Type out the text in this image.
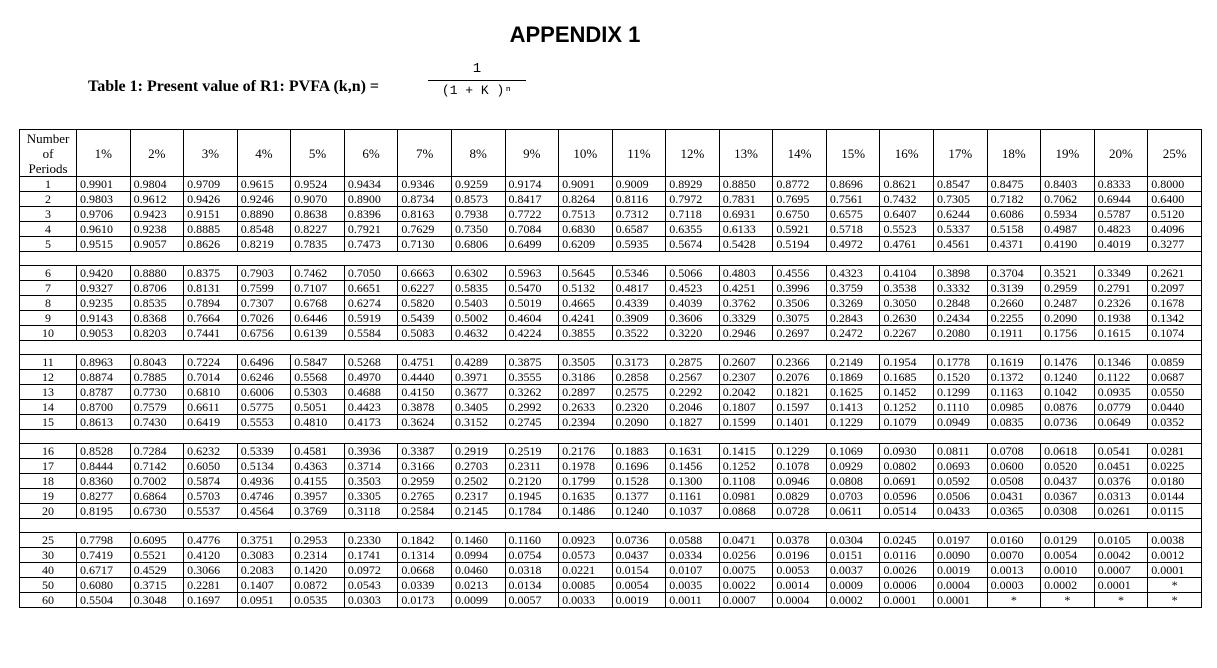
APPENDIX 1
Table 1: Present value of R1: PVFA (k,n) =
1
(1 + K )ⁿ
Number
of
Periods	1%	2%	3%	4%	5%	6%	7%	8%	9%	10%	11%	12%	13%	14%	15%	16%	17%	18%	19%	20%	25%
1	0.9901	0.9804	0.9709	0.9615	0.9524	0.9434	0.9346	0.9259	0.9174	0.9091	0.9009	0.8929	0.8850	0.8772	0.8696	0.8621	0.8547	0.8475	0.8403	0.8333	0.8000
2	0.9803	0.9612	0.9426	0.9246	0.9070	0.8900	0.8734	0.8573	0.8417	0.8264	0.8116	0.7972	0.7831	0.7695	0.7561	0.7432	0.7305	0.7182	0.7062	0.6944	0.6400
3	0.9706	0.9423	0.9151	0.8890	0.8638	0.8396	0.8163	0.7938	0.7722	0.7513	0.7312	0.7118	0.6931	0.6750	0.6575	0.6407	0.6244	0.6086	0.5934	0.5787	0.5120
4	0.9610	0.9238	0.8885	0.8548	0.8227	0.7921	0.7629	0.7350	0.7084	0.6830	0.6587	0.6355	0.6133	0.5921	0.5718	0.5523	0.5337	0.5158	0.4987	0.4823	0.4096
5	0.9515	0.9057	0.8626	0.8219	0.7835	0.7473	0.7130	0.6806	0.6499	0.6209	0.5935	0.5674	0.5428	0.5194	0.4972	0.4761	0.4561	0.4371	0.4190	0.4019	0.3277

6	0.9420	0.8880	0.8375	0.7903	0.7462	0.7050	0.6663	0.6302	0.5963	0.5645	0.5346	0.5066	0.4803	0.4556	0.4323	0.4104	0.3898	0.3704	0.3521	0.3349	0.2621
7	0.9327	0.8706	0.8131	0.7599	0.7107	0.6651	0.6227	0.5835	0.5470	0.5132	0.4817	0.4523	0.4251	0.3996	0.3759	0.3538	0.3332	0.3139	0.2959	0.2791	0.2097
8	0.9235	0.8535	0.7894	0.7307	0.6768	0.6274	0.5820	0.5403	0.5019	0.4665	0.4339	0.4039	0.3762	0.3506	0.3269	0.3050	0.2848	0.2660	0.2487	0.2326	0.1678
9	0.9143	0.8368	0.7664	0.7026	0.6446	0.5919	0.5439	0.5002	0.4604	0.4241	0.3909	0.3606	0.3329	0.3075	0.2843	0.2630	0.2434	0.2255	0.2090	0.1938	0.1342
10	0.9053	0.8203	0.7441	0.6756	0.6139	0.5584	0.5083	0.4632	0.4224	0.3855	0.3522	0.3220	0.2946	0.2697	0.2472	0.2267	0.2080	0.1911	0.1756	0.1615	0.1074

11	0.8963	0.8043	0.7224	0.6496	0.5847	0.5268	0.4751	0.4289	0.3875	0.3505	0.3173	0.2875	0.2607	0.2366	0.2149	0.1954	0.1778	0.1619	0.1476	0.1346	0.0859
12	0.8874	0.7885	0.7014	0.6246	0.5568	0.4970	0.4440	0.3971	0.3555	0.3186	0.2858	0.2567	0.2307	0.2076	0.1869	0.1685	0.1520	0.1372	0.1240	0.1122	0.0687
13	0.8787	0.7730	0.6810	0.6006	0.5303	0.4688	0.4150	0.3677	0.3262	0.2897	0.2575	0.2292	0.2042	0.1821	0.1625	0.1452	0.1299	0.1163	0.1042	0.0935	0.0550
14	0.8700	0.7579	0.6611	0.5775	0.5051	0.4423	0.3878	0.3405	0.2992	0.2633	0.2320	0.2046	0.1807	0.1597	0.1413	0.1252	0.1110	0.0985	0.0876	0.0779	0.0440
15	0.8613	0.7430	0.6419	0.5553	0.4810	0.4173	0.3624	0.3152	0.2745	0.2394	0.2090	0.1827	0.1599	0.1401	0.1229	0.1079	0.0949	0.0835	0.0736	0.0649	0.0352

16	0.8528	0.7284	0.6232	0.5339	0.4581	0.3936	0.3387	0.2919	0.2519	0.2176	0.1883	0.1631	0.1415	0.1229	0.1069	0.0930	0.0811	0.0708	0.0618	0.0541	0.0281
17	0.8444	0.7142	0.6050	0.5134	0.4363	0.3714	0.3166	0.2703	0.2311	0.1978	0.1696	0.1456	0.1252	0.1078	0.0929	0.0802	0.0693	0.0600	0.0520	0.0451	0.0225
18	0.8360	0.7002	0.5874	0.4936	0.4155	0.3503	0.2959	0.2502	0.2120	0.1799	0.1528	0.1300	0.1108	0.0946	0.0808	0.0691	0.0592	0.0508	0.0437	0.0376	0.0180
19	0.8277	0.6864	0.5703	0.4746	0.3957	0.3305	0.2765	0.2317	0.1945	0.1635	0.1377	0.1161	0.0981	0.0829	0.0703	0.0596	0.0506	0.0431	0.0367	0.0313	0.0144
20	0.8195	0.6730	0.5537	0.4564	0.3769	0.3118	0.2584	0.2145	0.1784	0.1486	0.1240	0.1037	0.0868	0.0728	0.0611	0.0514	0.0433	0.0365	0.0308	0.0261	0.0115

25	0.7798	0.6095	0.4776	0.3751	0.2953	0.2330	0.1842	0.1460	0.1160	0.0923	0.0736	0.0588	0.0471	0.0378	0.0304	0.0245	0.0197	0.0160	0.0129	0.0105	0.0038
30	0.7419	0.5521	0.4120	0.3083	0.2314	0.1741	0.1314	0.0994	0.0754	0.0573	0.0437	0.0334	0.0256	0.0196	0.0151	0.0116	0.0090	0.0070	0.0054	0.0042	0.0012
40	0.6717	0.4529	0.3066	0.2083	0.1420	0.0972	0.0668	0.0460	0.0318	0.0221	0.0154	0.0107	0.0075	0.0053	0.0037	0.0026	0.0019	0.0013	0.0010	0.0007	0.0001
50	0.6080	0.3715	0.2281	0.1407	0.0872	0.0543	0.0339	0.0213	0.0134	0.0085	0.0054	0.0035	0.0022	0.0014	0.0009	0.0006	0.0004	0.0003	0.0002	0.0001	*
60	0.5504	0.3048	0.1697	0.0951	0.0535	0.0303	0.0173	0.0099	0.0057	0.0033	0.0019	0.0011	0.0007	0.0004	0.0002	0.0001	0.0001	*	*	*	*
